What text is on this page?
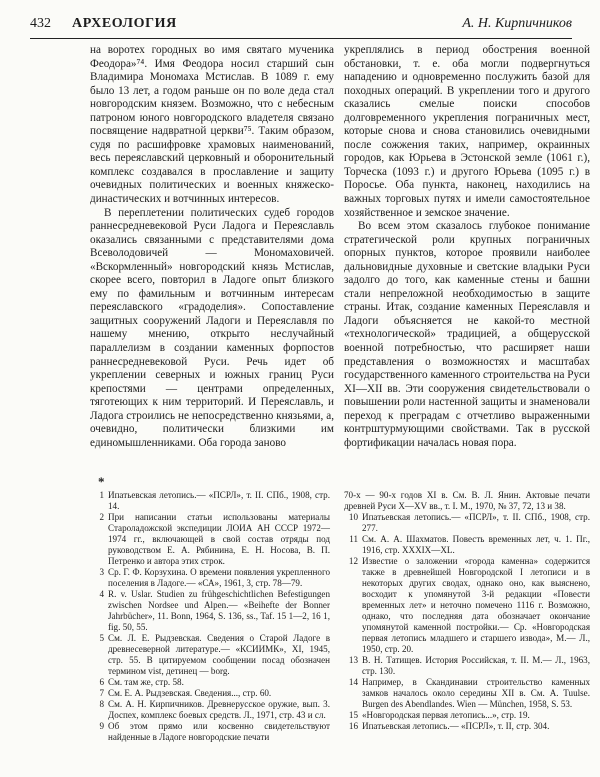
432 АРХЕОЛОГИЯ	А. Н. Кирпичников

на воротех городных во имя святаго мученика Феодора»⁷⁴. Имя Феодора носил старший сын Владимира Мономаха Мстислав. В 1089 г. ему было 13 лет, а годом раньше он по воле деда стал новгородским князем. Возможно, что с небесным патроном юного новгородского владетеля связано посвящение надвратной церкви⁷⁵. Таким образом, судя по расшифровке храмовых наименований, весь переяславский церковный и оборонительный комплекс создавался в прославление и защиту очевидных политических и военных княжеско-династических и вотчинных интересов.

В переплетении политических судеб городов раннесредневековой Руси Ладога и Переяславль оказались связанными с представителями дома Всеволодовичей — Мономаховичей. «Вскормленный» новгородский князь Мстислав, скорее всего, повторил в Ладоге опыт близкого ему по фамильным и вотчинным интересам переяславского «градоделия». Сопоставление защитных сооружений Ладоги и Переяславля по нашему мнению, открыто неслучайный параллелизм в создании каменных форпостов раннесредневековой Руси. Речь идет об укреплении северных и южных границ Руси крепостями — центрами определенных, тяготеющих к ним территорий. И Переяславль, и Ладога строились не непосредственно князьями, а, очевидно, политически близкими им единомышленниками. Оба города заново

укреплялись в период обострения военной обстановки, т. е. оба могли подвергнуться нападению и одновременно послужить базой для походных операций. В укреплении того и другого сказались смелые поиски способов долговременного укрепления пограничных мест, которые снова и снова становились очевидными после сожжения таких, например, окраинных городов, как Юрьева в Эстонской земле (1061 г.), Торческа (1093 г.) и другого Юрьева (1095 г.) в Поросье. Оба пункта, наконец, находились на важных торговых путях и имели самостоятельное хозяйственное и земское значение.

Во всем этом сказалось глубокое понимание стратегической роли крупных пограничных опорных пунктов, которое проявили наиболее дальновидные духовные и светские владыки Руси задолго до того, как каменные стены и башни стали непреложной необходимостью в защите страны. Итак, создание каменных Переяславля и Ладоги объясняется не какой-то местной «технологической» традицией, а общерусской военной потребностью, что расширяет наши представления о возможностях и масштабах государственного каменного строительства на Руси XI—XII вв. Эти сооружения свидетельствовали о повышении роли настенной защиты и знаменовали переход к преградам с отчетливо выраженными контрштурмующими свойствами. Так в русской фортификации началась новая пора.

*

1 Ипатьевская летопись.— «ПСРЛ», т. II. СПб., 1908, стр. 14.

2 При написании статьи использованы материалы Староладожской экспедиции ЛОИА АН СССР 1972—1974 гг., включающей в свой состав отряды под руководством Е. А. Рябинина, Е. Н. Носова, В. П. Петренко и автора этих строк.

3 Ср. Г. Ф. Корзухина. О времени появления укрепленного поселения в Ладоге.— «СА», 1961, 3, стр. 78—79.

4 R. v. Uslar. Studien zu frühgeschichtlichen Befestigungen zwischen Nordsee und Alpen.— «Beihefte der Bonner Jahrbücher», 11. Bonn, 1964, S. 136, ss., Taf. 15 1—2, 16 1, fig. 50, 55.

5 См. Л. Е. Рыдзевская. Сведения о Старой Ладоге в древнесеверной литературе.— «КСИИМК», XI, 1945, стр. 55. В цитируемом сообщении посад обозначен термином vist, детинец — borg.

6 См. там же, стр. 58.

7 См. Е. А. Рыдзевская. Сведения..., стр. 60.

8 См. А. Н. Кирпичников. Древнерусское оружие, вып. 3. Доспех, комплекс боевых средств. Л., 1971, стр. 43 и сл.

9 Об этом прямо или косвенно свидетельствуют найденные в Ладоге новгородские печати

70-х — 90-х годов XI в. См. В. Л. Янин. Актовые печати древней Руси X—XV вв., т. I. М., 1970, № 37, 72, 13 и 38.

10 Ипатьевская летопись.— «ПСРЛ», т. II. СПб., 1908, стр. 277.

11 См. А. А. Шахматов. Повесть временных лет, ч. 1. Пг., 1916, стр. XXXIX—XL.

12 Известие о заложении «города каменна» содержится также в древнейшей Новгородской I летописи и в некоторых других сводах, однако оно, как выяснено, восходит к упомянутой 3-й редакции «Повести временных лет» и неточно помечено 1116 г. Возможно, однако, что последняя дата обозначает окончание упомянутой каменной постройки.— Ср. «Новгородская первая летопись младшего и старшего извода», М.— Л., 1950, стр. 20.

13 В. Н. Татищев. История Российская, т. II. М.— Л., 1963, стр. 130.

14 Например, в Скандинавии строительство каменных замков началось около середины XII в. См. A. Tuulse. Burgen des Abendlandes. Wien — München, 1958, S. 53.

15 «Новгородская первая летопись...», стр. 19.

16 Ипатьевская летопись.— «ПСРЛ», т. II, стр. 304.
